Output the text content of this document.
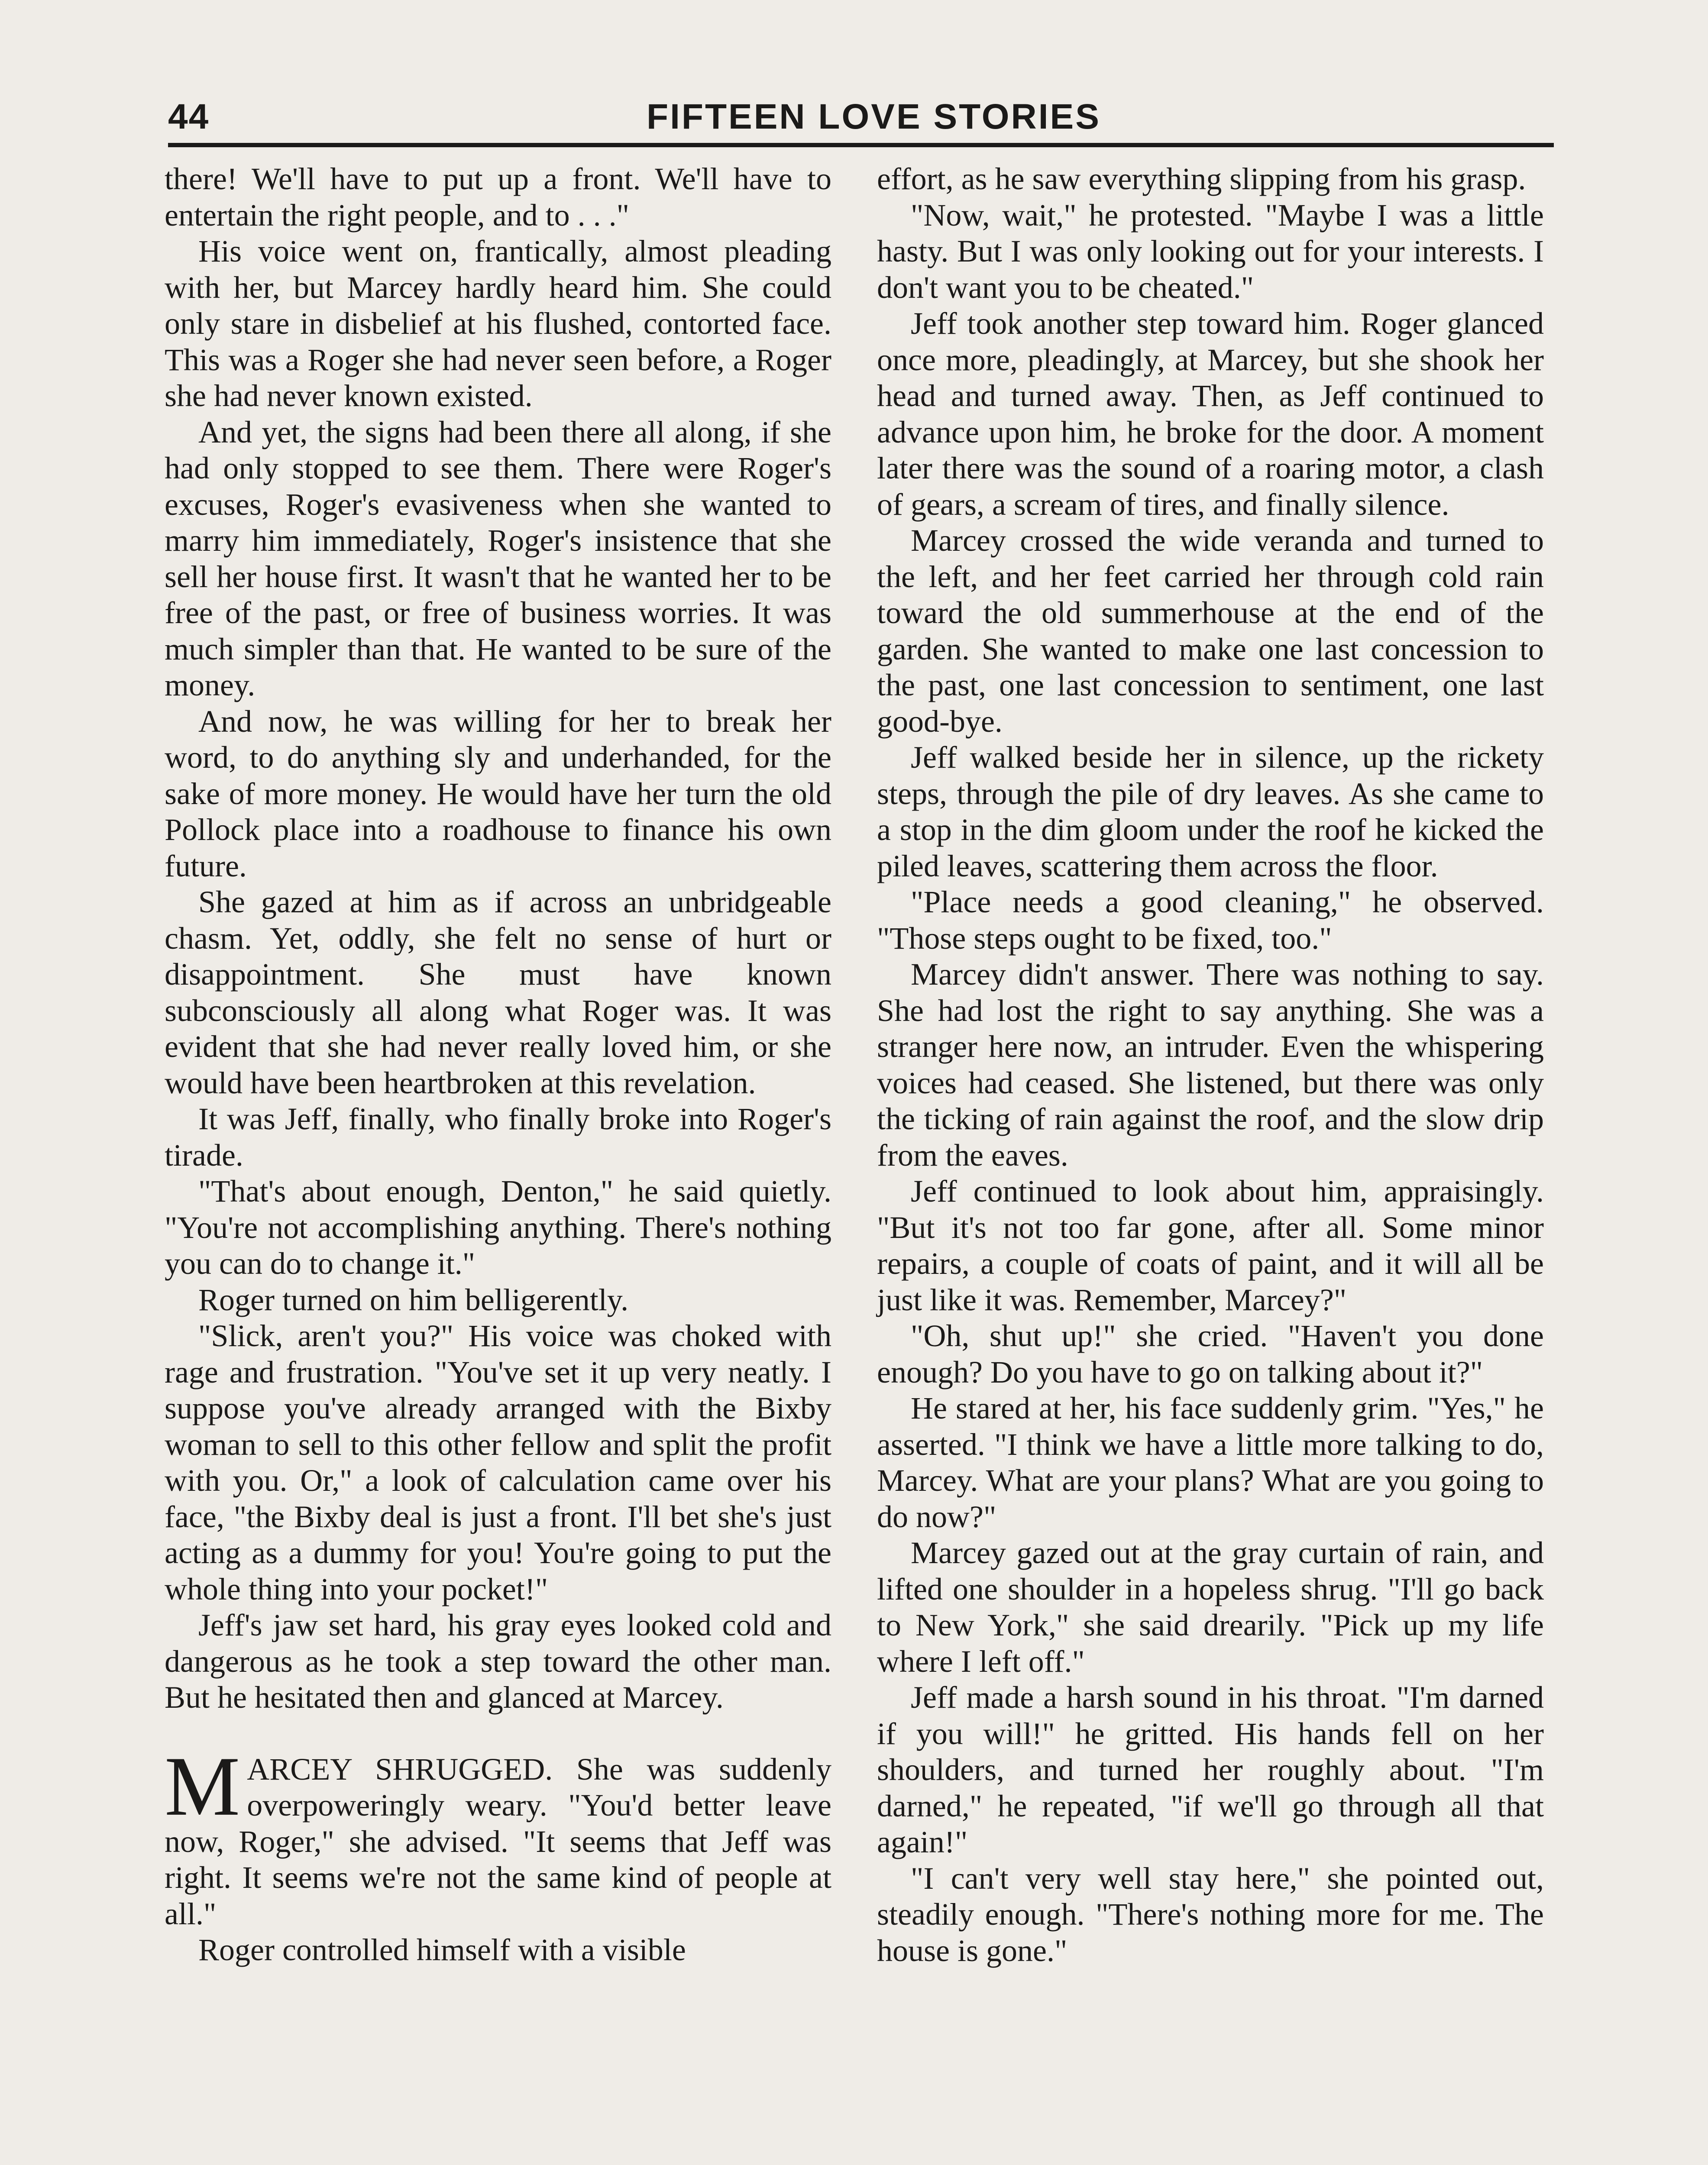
44	FIFTEEN LOVE STORIES

there! We'll have to put up a front. We'll have to entertain the right people, and to . . ."

His voice went on, frantically, almost pleading with her, but Marcey hardly heard him. She could only stare in disbelief at his flushed, contorted face. This was a Roger she had never seen before, a Roger she had never known existed.

And yet, the signs had been there all along, if she had only stopped to see them. There were Roger's excuses, Roger's evasiveness when she wanted to marry him immediately, Roger's insistence that she sell her house first. It wasn't that he wanted her to be free of the past, or free of business worries. It was much simpler than that. He wanted to be sure of the money.

And now, he was willing for her to break her word, to do anything sly and underhanded, for the sake of more money. He would have her turn the old Pollock place into a roadhouse to finance his own future.

She gazed at him as if across an unbridgeable chasm. Yet, oddly, she felt no sense of hurt or disappointment. She must have known subconsciously all along what Roger was. It was evident that she had never really loved him, or she would have been heartbroken at this revelation.

It was Jeff, finally, who finally broke into Roger's tirade.

"That's about enough, Denton," he said quietly. "You're not accomplishing anything. There's nothing you can do to change it."

Roger turned on him belligerently.

"Slick, aren't you?" His voice was choked with rage and frustration. "You've set it up very neatly. I suppose you've already arranged with the Bixby woman to sell to this other fellow and split the profit with you. Or," a look of calculation came over his face, "the Bixby deal is just a front. I'll bet she's just acting as a dummy for you! You're going to put the whole thing into your pocket!"

Jeff's jaw set hard, his gray eyes looked cold and dangerous as he took a step toward the other man. But he hesitated then and glanced at Marcey.

MARCEY SHRUGGED. She was suddenly overpoweringly weary. "You'd better leave now, Roger," she advised. "It seems that Jeff was right. It seems we're not the same kind of people at all."

Roger controlled himself with a visible

effort, as he saw everything slipping from his grasp.

"Now, wait," he protested. "Maybe I was a little hasty. But I was only looking out for your interests. I don't want you to be cheated."

Jeff took another step toward him. Roger glanced once more, pleadingly, at Marcey, but she shook her head and turned away. Then, as Jeff continued to advance upon him, he broke for the door. A moment later there was the sound of a roaring motor, a clash of gears, a scream of tires, and finally silence.

Marcey crossed the wide veranda and turned to the left, and her feet carried her through cold rain toward the old summerhouse at the end of the garden. She wanted to make one last concession to the past, one last concession to sentiment, one last good-bye.

Jeff walked beside her in silence, up the rickety steps, through the pile of dry leaves. As she came to a stop in the dim gloom under the roof he kicked the piled leaves, scattering them across the floor.

"Place needs a good cleaning," he observed. "Those steps ought to be fixed, too."

Marcey didn't answer. There was nothing to say. She had lost the right to say anything. She was a stranger here now, an intruder. Even the whispering voices had ceased. She listened, but there was only the ticking of rain against the roof, and the slow drip from the eaves.

Jeff continued to look about him, appraisingly. "But it's not too far gone, after all. Some minor repairs, a couple of coats of paint, and it will all be just like it was. Remember, Marcey?"

"Oh, shut up!" she cried. "Haven't you done enough? Do you have to go on talking about it?"

He stared at her, his face suddenly grim. "Yes," he asserted. "I think we have a little more talking to do, Marcey. What are your plans? What are you going to do now?"

Marcey gazed out at the gray curtain of rain, and lifted one shoulder in a hopeless shrug. "I'll go back to New York," she said drearily. "Pick up my life where I left off."

Jeff made a harsh sound in his throat. "I'm darned if you will!" he gritted. His hands fell on her shoulders, and turned her roughly about. "I'm darned," he repeated, "if we'll go through all that again!"

"I can't very well stay here," she pointed out, steadily enough. "There's nothing more for me. The house is gone."
